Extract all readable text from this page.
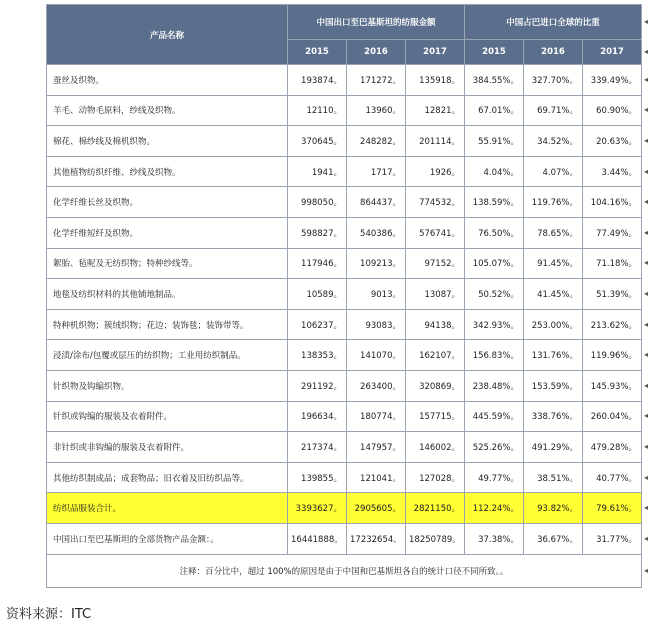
产品名称	中国出口至巴基斯坦的纺服金额			中国占巴进口全球的比重		
	2015	2016	2017	2015	2016	2017
蚕丝及织物。	193874。	171272。	135918。	384.55%。	327.70%。	339.49%。
羊毛、动物毛原料，纱线及织物。	12110。	13960。	12821。	67.01%。	69.71%。	60.90%。
棉花、棉纱线及棉机织物。	370645。	248282。	201114。	55.91%。	34.52%。	20.63%。
其他植物纺织纤维、纱线及织物。	1941。	1717。	1926。	4.04%。	4.07%。	3.44%。
化学纤维长丝及织物。	998050。	864437。	774532。	138.59%。	119.76%。	104.16%。
化学纤维短纤及织物。	598827。	540386。	576741。	76.50%。	78.65%。	77.49%。
絮胎、毡呢及无纺织物；特种纱线等。	117946。	109213。	97152。	105.07%。	91.45%。	71.18%。
地毯及纺织材料的其他铺地制品。	10589。	9013。	13087。	50.52%。	41.45%。	51.39%。
特种机织物；簇绒织物；花边；装饰毯；装饰带等。	106237。	93083。	94138。	342.93%。	253.00%。	213.62%。
浸渍/涂布/包覆或层压的纺织物；工业用纺织制品。	138353。	141070。	162107。	156.83%。	131.76%。	119.96%。
针织物及钩编织物。	291192。	263400。	320869。	238.48%。	153.59%。	145.93%。
针织或钩编的服装及衣着附件。	196634。	180774。	157715。	445.59%。	338.76%。	260.04%。
非针织或非钩编的服装及衣着附件。	217374。	147957。	146002。	525.26%。	491.29%。	479.28%。
其他纺织制成品；成套物品；旧衣着及旧纺织品等。	139855。	121041。	127028。	49.77%。	38.51%。	40.77%。
纺织品服装合计。	3393627。	2905605。	2821150。	112.24%。	93.82%。	79.61%。
中国出口至巴基斯坦的全部货物产品金额：。	16441888。	17232654。	18250789。	37.38%。	36.67%。	31.77%。
注释：百分比中，超过 100%的原因是由于中国和巴基斯坦各自的统计口径不同所致。。						
◂
◂
◂
◂
◂
◂
◂
◂
◂
◂
◂
◂
◂
◂
◂
◂
◂
◂
◂
资料来源：ITC
